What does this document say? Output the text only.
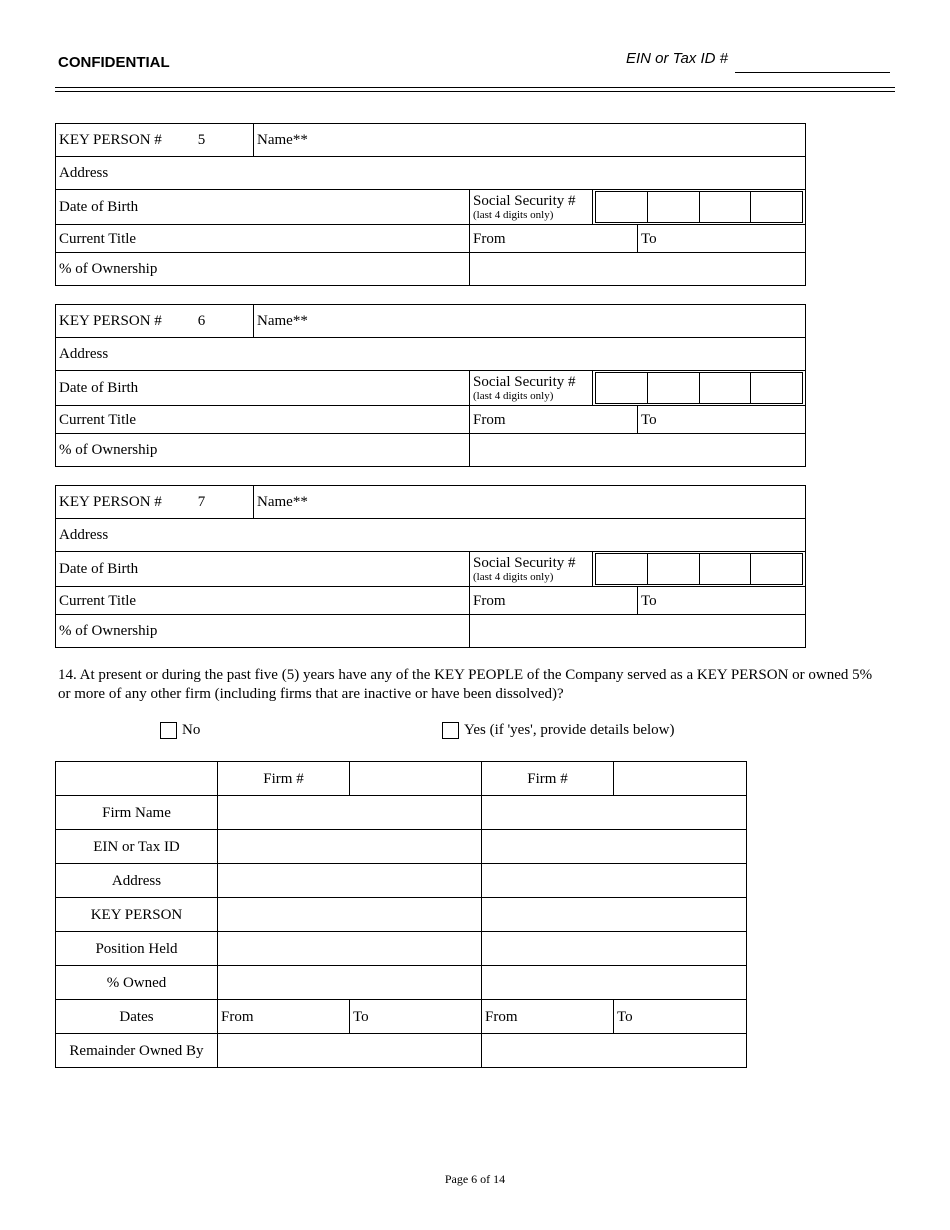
CONFIDENTIAL	EIN or Tax ID #
KEY PERSON # 5	Name**			
Address				
Date of Birth		Social Security #
(last 4 digits only)		

Current Title		From		To
% of Ownership				
KEY PERSON # 6	Name**			
Address				
Date of Birth		Social Security #
(last 4 digits only)		

Current Title		From		To
% of Ownership				
KEY PERSON # 7	Name**			
Address				
Date of Birth		Social Security #
(last 4 digits only)		

Current Title		From		To
% of Ownership				
14. At present or during the past five (5) years have any of the KEY PEOPLE of the Company served as a KEY PERSON or owned 5% or more of any other firm (including firms that are inactive or have been dissolved)?
No	Yes (if 'yes', provide details below)
	Firm #		Firm #	
Firm Name				
EIN or Tax ID				
Address				
KEY PERSON				
Position Held				
% Owned				
Dates	From	To	From	To
Remainder Owned By				
Page 6 of 14
